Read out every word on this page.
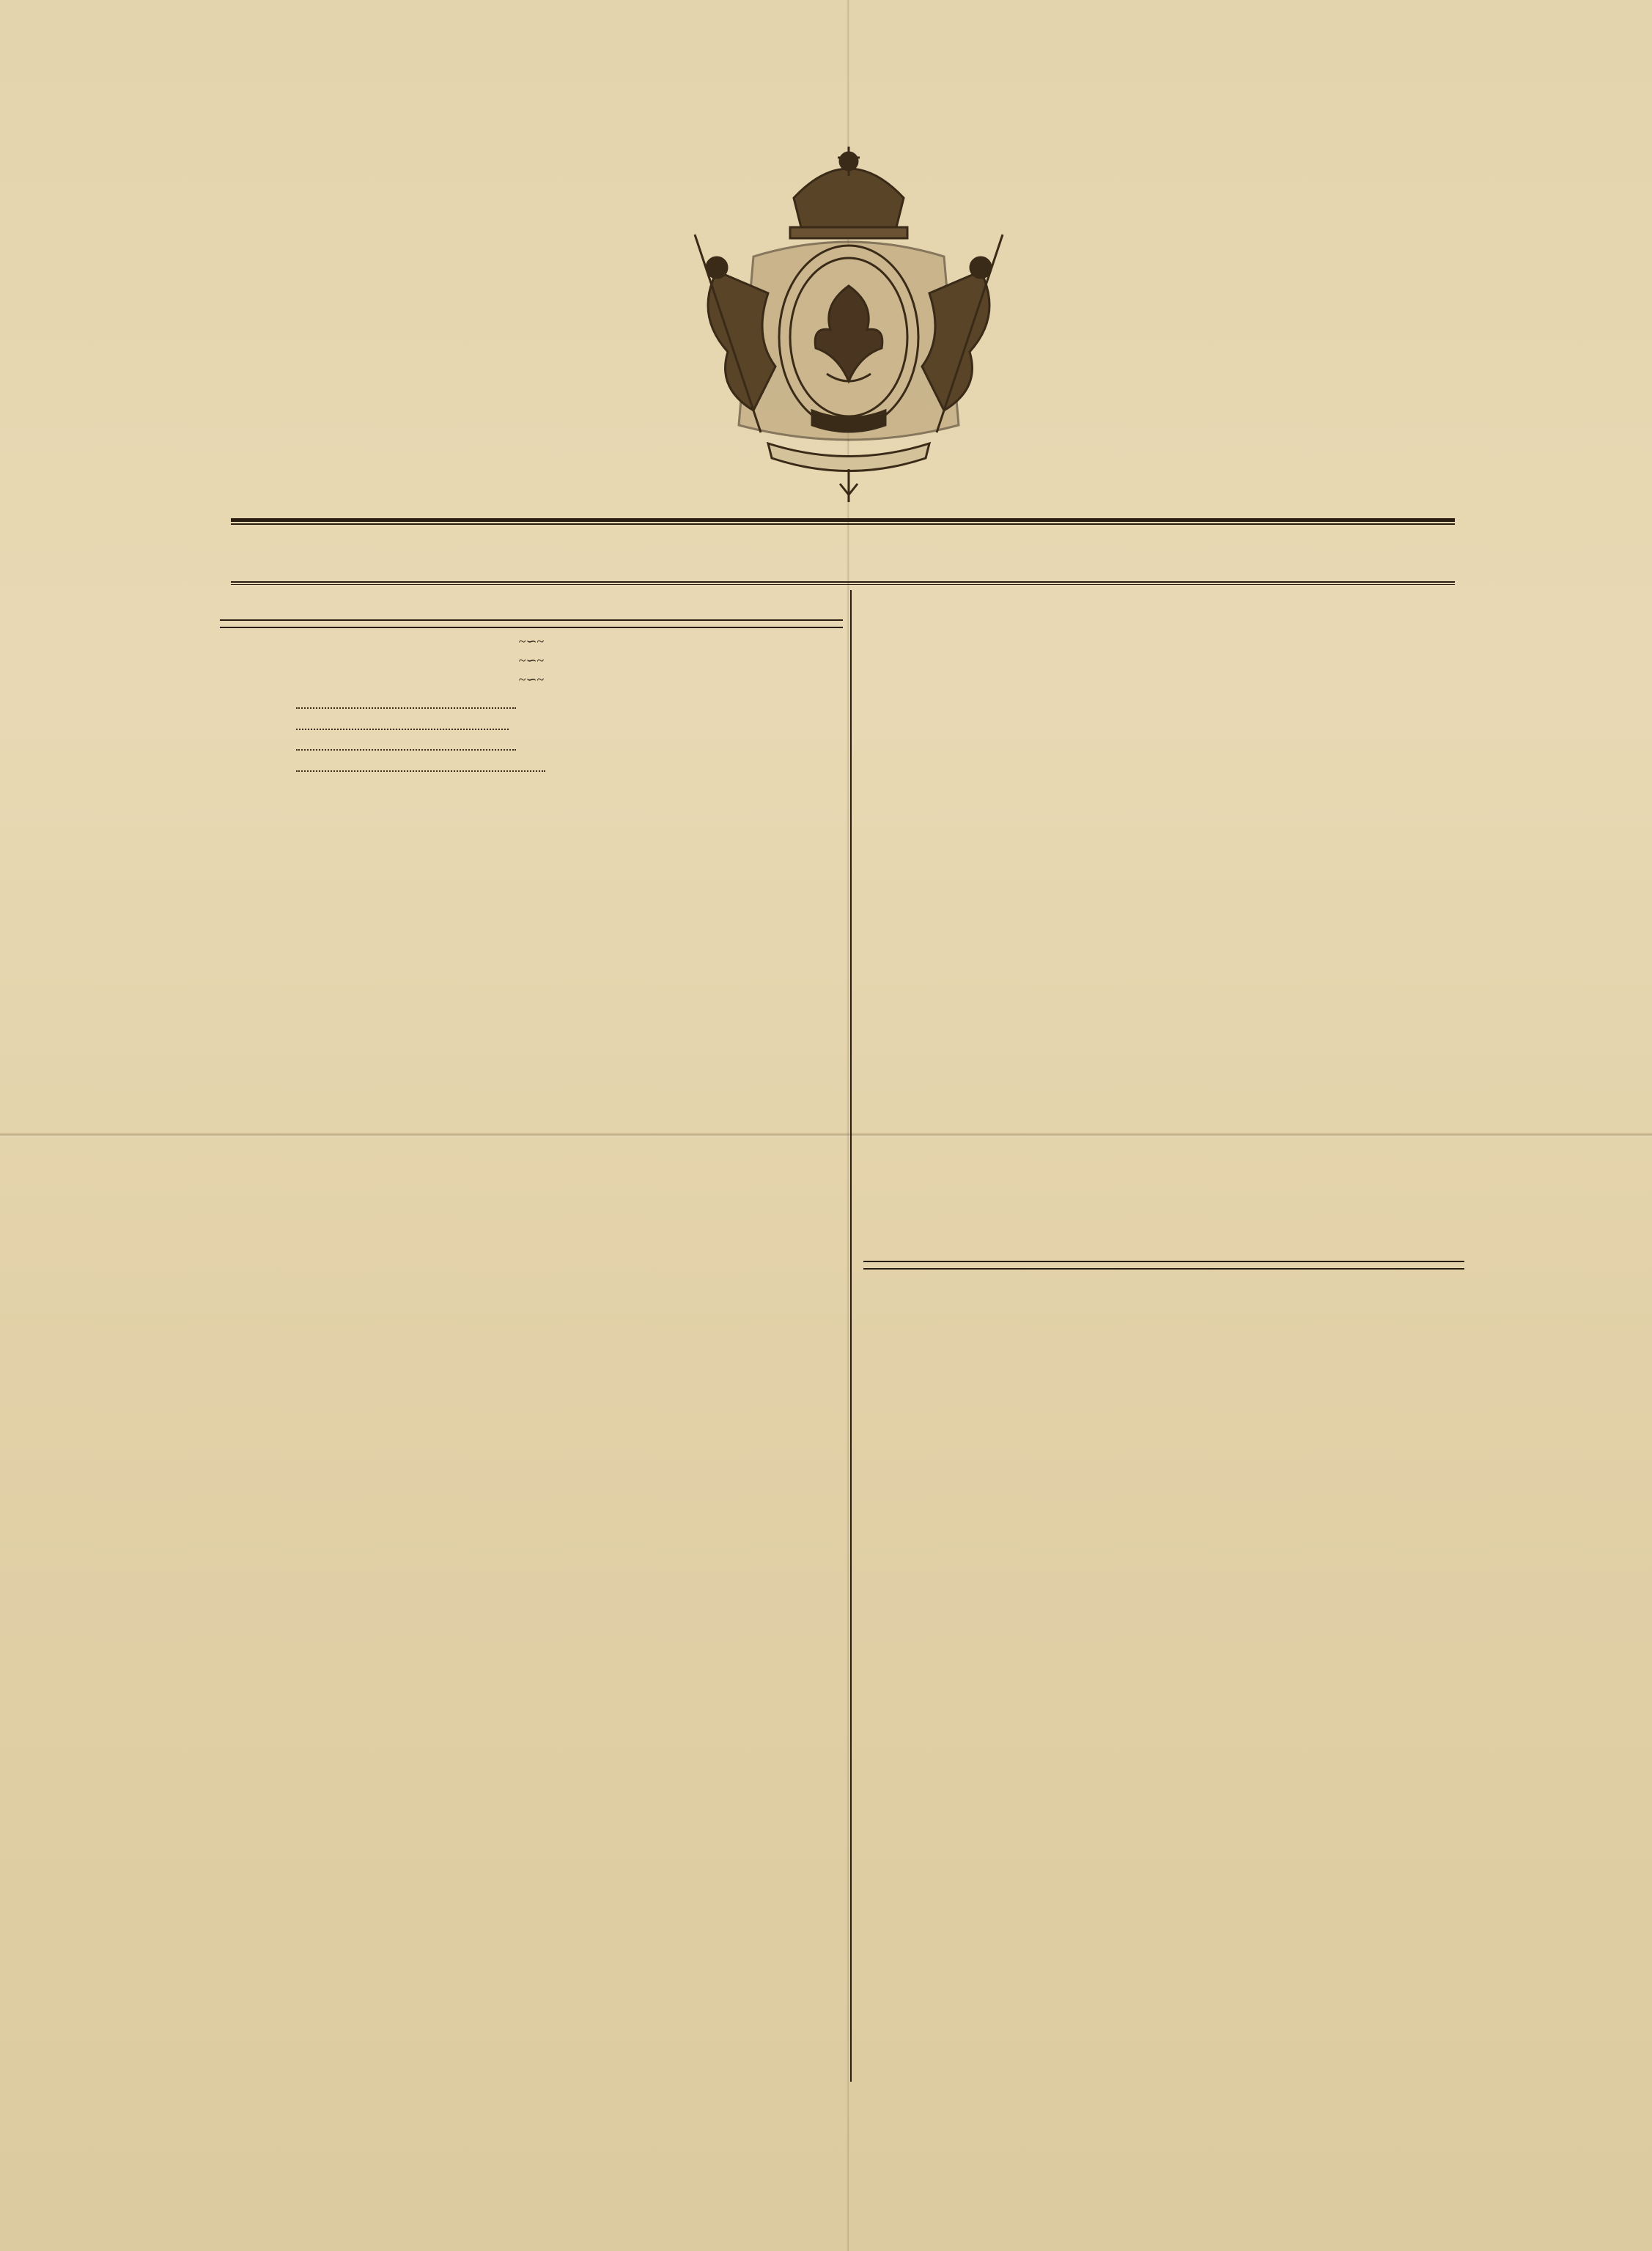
~∽~

~∽~

~∽~
